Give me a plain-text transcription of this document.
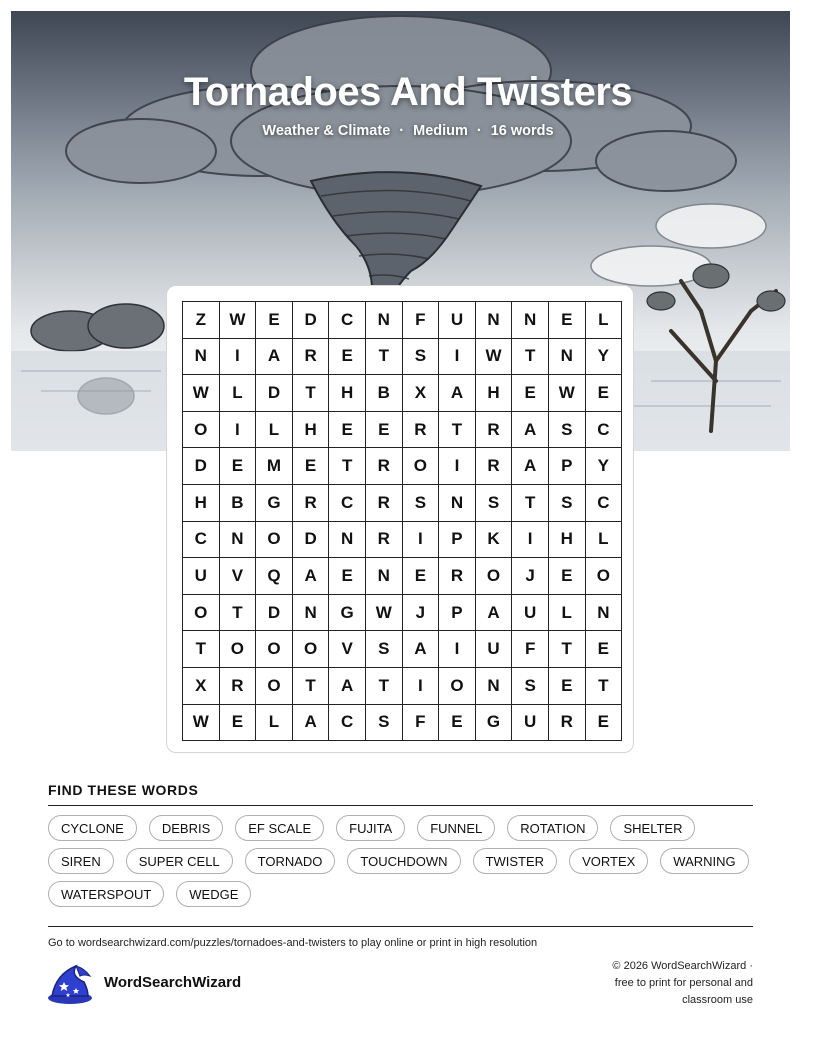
Tornadoes And Twisters
Weather & Climate · Medium · 16 words
Z	W	E	D	C	N	F	U	N	N	E	L
N	I	A	R	E	T	S	I	W	T	N	Y
W	L	D	T	H	B	X	A	H	E	W	E
O	I	L	H	E	E	R	T	R	A	S	C
D	E	M	E	T	R	O	I	R	A	P	Y
H	B	G	R	C	R	S	N	S	T	S	C
C	N	O	D	N	R	I	P	K	I	H	L
U	V	Q	A	E	N	E	R	O	J	E	O
O	T	D	N	G	W	J	P	A	U	L	N
T	O	O	O	V	S	A	I	U	F	T	E
X	R	O	T	A	T	I	O	N	S	E	T
W	E	L	A	C	S	F	E	G	U	R	E
FIND THESE WORDS
CYCLONE	DEBRIS	EF SCALE	FUJITA	FUNNEL	ROTATION	SHELTER
SIREN	SUPER CELL	TORNADO	TOUCHDOWN	TWISTER	VORTEX	WARNING
WATERSPOUT	WEDGE
Go to wordsearchwizard.com/puzzles/tornadoes-and-twisters to play online or print in high resolution
WordSearchWizard
© 2026 WordSearchWizard ·
free to print for personal and
classroom use
